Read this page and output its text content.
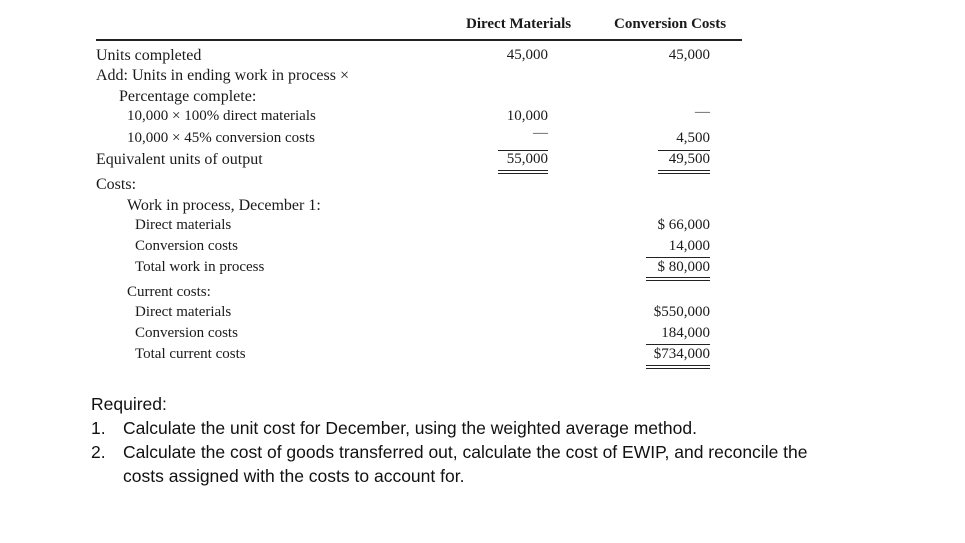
Direct Materials	Conversion Costs
Units completed	45,000	45,000
Add: Units in ending work in process ×
Percentage complete:
10,000 × 100% direct materials	10,000	—
10,000 × 45% conversion costs	—	4,500
Equivalent units of output	55,000	49,500
Costs:
Work in process, December 1:
Direct materials	$ 66,000
Conversion costs	14,000
Total work in process	$ 80,000
Current costs:
Direct materials	$550,000
Conversion costs	184,000
Total current costs	$734,000
Required:
1. Calculate the unit cost for December, using the weighted average method.
2. Calculate the cost of goods transferred out, calculate the cost of EWIP, and reconcile the
costs assigned with the costs to account for.
